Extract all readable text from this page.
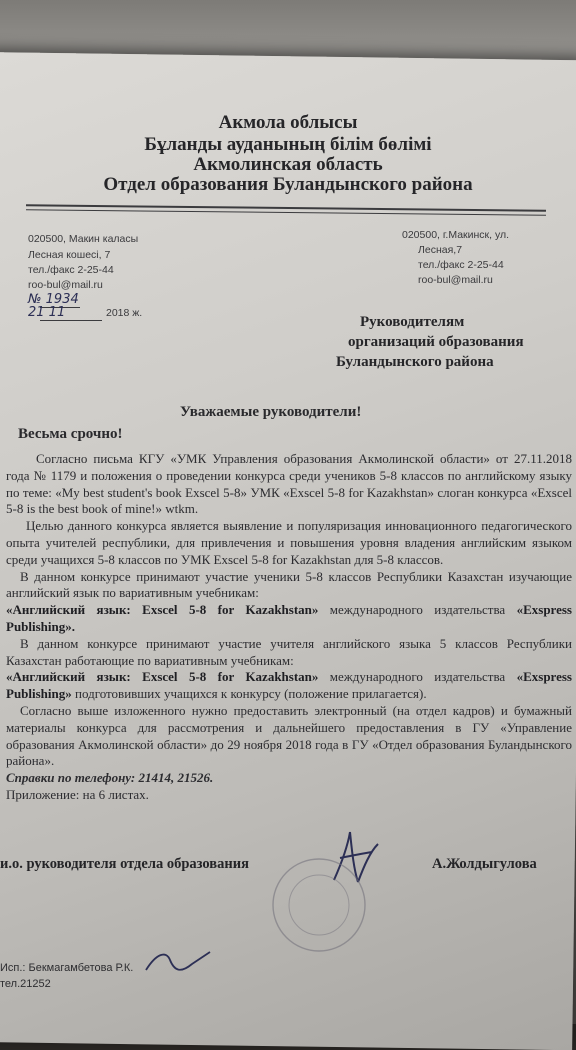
Акмола облысы
Бұланды ауданының білім бөлімі
Акмолинская область
Отдел образования Буландынского района
020500, Макин каласы
Лесная кошесі, 7
тел./факс 2-25-44
roo-bul@mail.ru
№ 1934
21 11	2018 ж.
020500, г.Макинск, ул.
Лесная,7
тел./факс 2-25-44
roo-bul@mail.ru
Руководителям
организаций образования
Буландынского района
Уважаемые руководители!
Весьма срочно!

Согласно письма КГУ «УМК Управления образования Акмолинской области» от 27.11.2018 года № 1179 и положения о проведении конкурса среди учеников 5-8 классов по английскому языку по теме: «My best student's book Exscel 5-8» УМК «Exscel 5-8 for Kazakhstan» слоган конкурса «Exscel 5-8 is the best book of mine!» wtkm.

Целью данного конкурса является выявление и популяризация инновационного педагогического опыта учителей республики, для привлечения и повышения уровня владения английским языком среди учащихся 5-8 классов по УМК Exscel 5-8 for Kazakhstan для 5-8 классов.

В данном конкурсе принимают участие ученики 5-8 классов Республики Казахстан изучающие английский язык по вариативным учебникам:

«Английский язык: Exscel 5-8 for Kazakhstan» международного издательства «Exspress Publishing».

В данном конкурсе принимают участие учителя английского языка 5 классов Республики Казахстан работающие по вариативным учебникам:

«Английский язык: Exscel 5-8 for Kazakhstan» международного издательства «Exspress Publishing» подготовивших учащихся к конкурсу (положение прилагается).

Согласно выше изложенного нужно предоставить электронный (на отдел кадров) и бумажный материалы конкурса для рассмотрения и дальнейшего предоставления в ГУ «Управление образования Акмолинской области» до 29 ноября 2018 года в ГУ «Отдел образования Буландынского района».

Справки по телефону: 21414, 21526.

Приложение: на 6 листах.

и.о. руководителя отдела образования	А.Жолдыгулова
Исп.: Бекмагамбетова Р.К.
тел.21252
